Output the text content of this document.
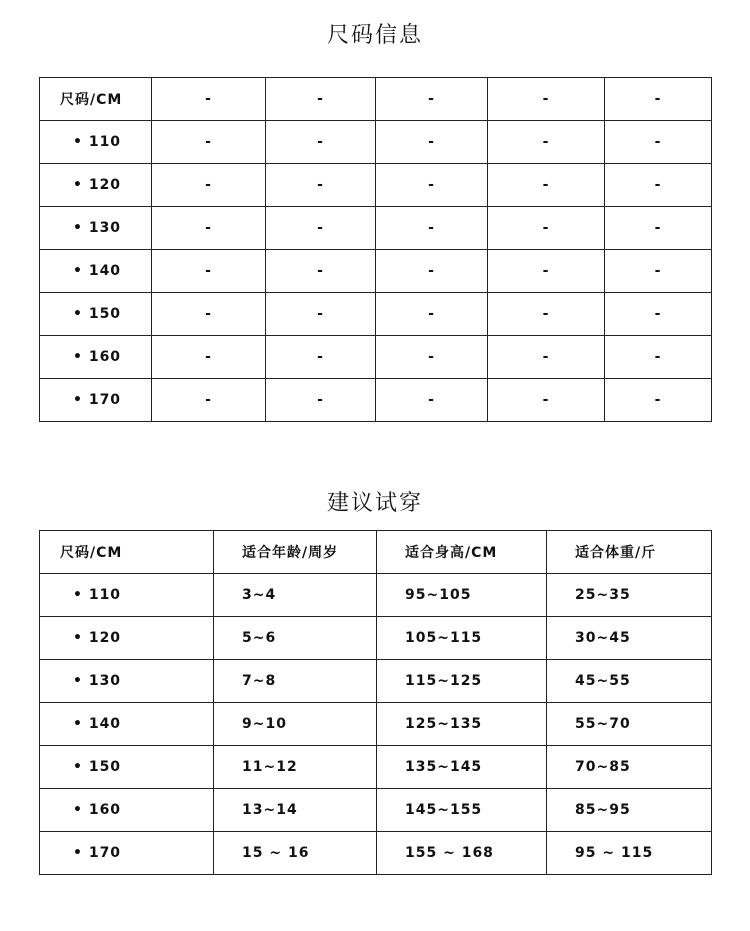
尺码信息
尺码/CM	-	-	-	-	-
• 110	-	-	-	-	-
• 120	-	-	-	-	-
• 130	-	-	-	-	-
• 140	-	-	-	-	-
• 150	-	-	-	-	-
• 160	-	-	-	-	-
• 170	-	-	-	-	-
建议试穿
尺码/CM	适合年龄/周岁	适合身高/CM	适合体重/斤
• 110	3~4	95~105	25~35
• 120	5~6	105~115	30~45
• 130	7~8	115~125	45~55
• 140	9~10	125~135	55~70
• 150	11~12	135~145	70~85
• 160	13~14	145~155	85~95
• 170	15 ~ 16	155 ~ 168	95 ~ 115
